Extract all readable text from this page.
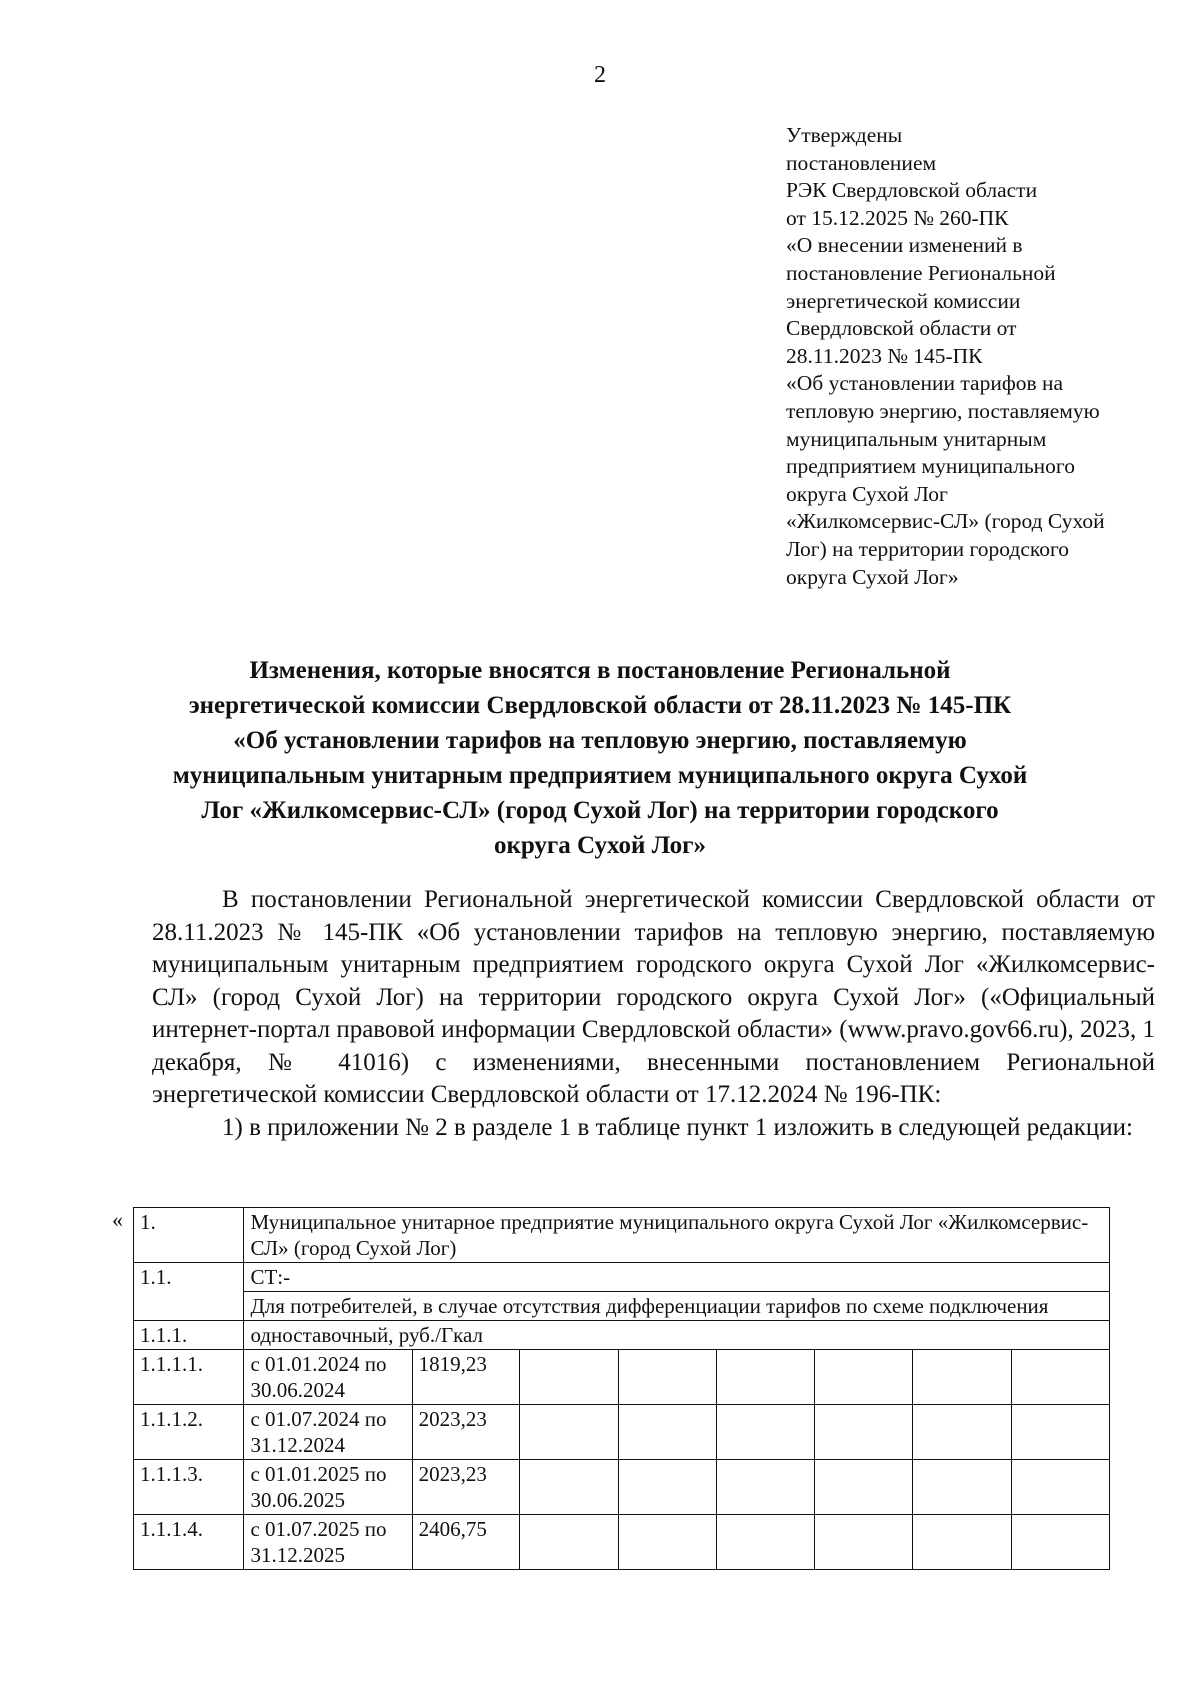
2
Утверждены
постановлением
РЭК Свердловской области
от 15.12.2025 № 260-ПК
«О внесении изменений в
постановление Региональной
энергетической комиссии
Свердловской области от
28.11.2023 № 145-ПК
«Об установлении тарифов на
тепловую энергию, поставляемую
муниципальным унитарным
предприятием муниципального
округа Сухой Лог
«Жилкомсервис-СЛ» (город Сухой
Лог) на территории городского
округа Сухой Лог»
Изменения, которые вносятся в постановление Региональной
энергетической комиссии Свердловской области от 28.11.2023 № 145-ПК
«Об установлении тарифов на тепловую энергию, поставляемую
муниципальным унитарным предприятием муниципального округа Сухой
Лог «Жилкомсервис-СЛ» (город Сухой Лог) на территории городского
округа Сухой Лог»

В постановлении Региональной энергетической комиссии Свердловской области от 28.11.2023 № 145-ПК «Об установлении тарифов на тепловую энергию, поставляемую муниципальным унитарным предприятием городского округа Сухой Лог «Жилкомсервис-СЛ» (город Сухой Лог) на территории городского округа Сухой Лог» («Официальный интернет-портал правовой информации Свердловской области» (www.pravo.gov66.ru), 2023, 1 декабря, № 41016) с изменениями, внесенными постановлением Региональной энергетической комиссии Свердловской области от 17.12.2024 № 196-ПК:

1) в приложении № 2 в разделе 1 в таблице пункт 1 изложить в следующей редакции:

« 1.	Муниципальное унитарное предприятие муниципального округа Сухой Лог «Жилкомсервис-СЛ» (город Сухой Лог)							
1.1.	СТ:-							
	Для потребителей, в случае отсутствия дифференциации тарифов по схеме подключения							
1.1.1.	одноставочный, руб./Гкал							
1.1.1.1.	с 01.01.2024 по 30.06.2024	1819,23						
1.1.1.2.	с 01.07.2024 по 31.12.2024	2023,23						
1.1.1.3.	с 01.01.2025 по 30.06.2025	2023,23						
1.1.1.4.	с 01.07.2025 по 31.12.2025	2406,75						
